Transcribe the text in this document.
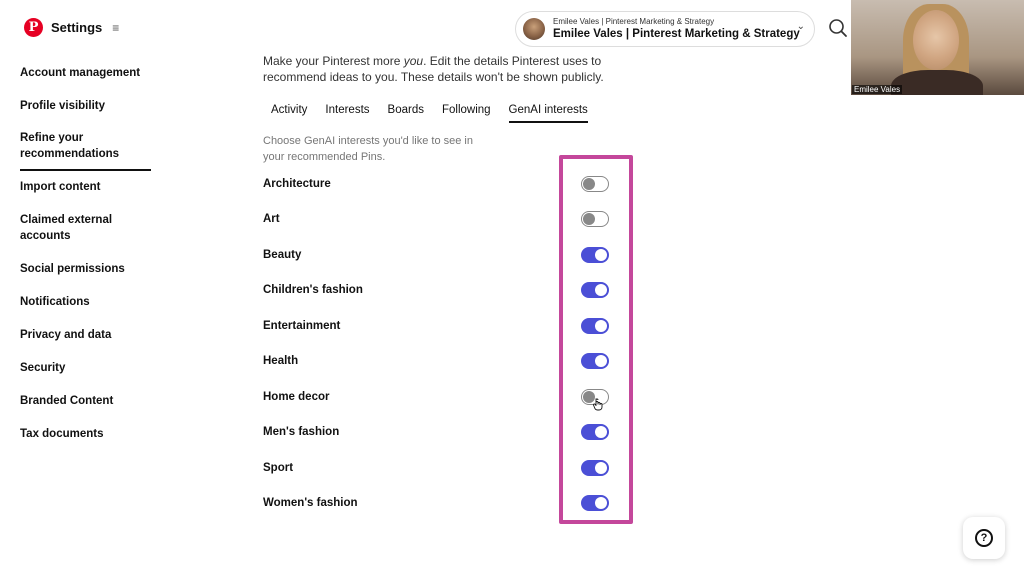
P Settings ≡
Account management
Profile visibility
Refine your recommendations
Import content
Claimed external accounts
Social permissions
Notifications
Privacy and data
Security
Branded Content
Tax documents
Emilee Vales | Pinterest Marketing & Strategy
Emilee Vales | Pinterest Marketing & Strategy
⌄
Emilee Vales

Make your Pinterest more you. Edit the details Pinterest uses to recommend ideas to you. These details won't be shown publicly.

Activity Interests Boards Following GenAI interests

Choose GenAI interests you'd like to see in your recommended Pins.

Architecture
Art
Beauty
Children's fashion
Entertainment
Health
Home decor
Men's fashion
Sport
Women's fashion
?
